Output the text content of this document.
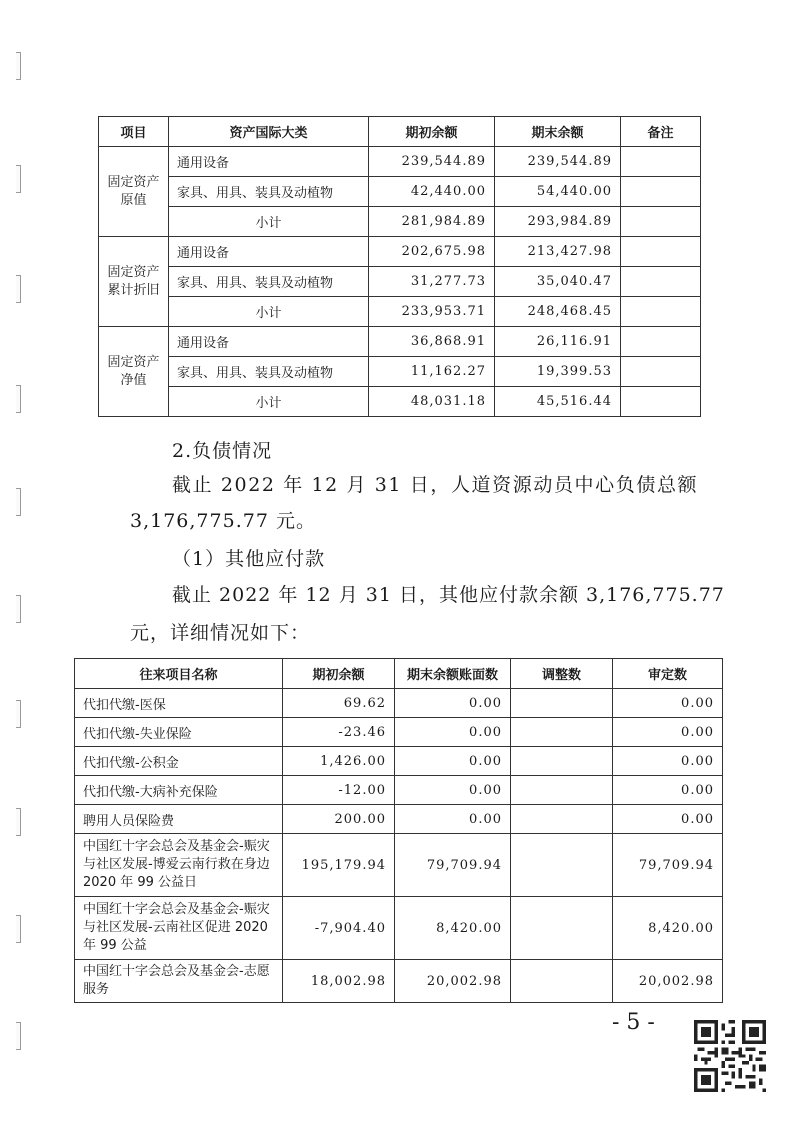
项目	资产国际大类	期初余额	期末余额	备注
固定资产
原值	通用设备	239,544.89	239,544.89	
	家具、用具、装具及动植物	42,440.00	54,440.00	
	小计	281,984.89	293,984.89	
固定资产
累计折旧	通用设备	202,675.98	213,427.98	
	家具、用具、装具及动植物	31,277.73	35,040.47	
	小计	233,953.71	248,468.45	
固定资产
净值	通用设备	36,868.91	26,116.91	
	家具、用具、装具及动植物	11,162.27	19,399.53	
	小计	48,031.18	45,516.44	
2.负债情况
截止 2022 年 12 月 31 日，人道资源动员中心负债总额
3,176,775.77 元。
（1）其他应付款
截止 2022 年 12 月 31 日，其他应付款余额 3,176,775.77
元，详细情况如下：
往来项目名称	期初余额	期末余额账面数	调整数	审定数
代扣代缴-医保	69.62	0.00		0.00
代扣代缴-失业保险	-23.46	0.00		0.00
代扣代缴-公积金	1,426.00	0.00		0.00
代扣代缴-大病补充保险	-12.00	0.00		0.00
聘用人员保险费	200.00	0.00		0.00
中国红十字会总会及基金会-赈灾与社区发展-博爱云南行救在身边 2020 年 99 公益日	195,179.94	79,709.94		79,709.94
中国红十字会总会及基金会-赈灾与社区发展-云南社区促进 2020 年 99 公益	-7,904.40	8,420.00		8,420.00
中国红十字会总会及基金会-志愿服务	18,002.98	20,002.98		20,002.98
- 5 -
